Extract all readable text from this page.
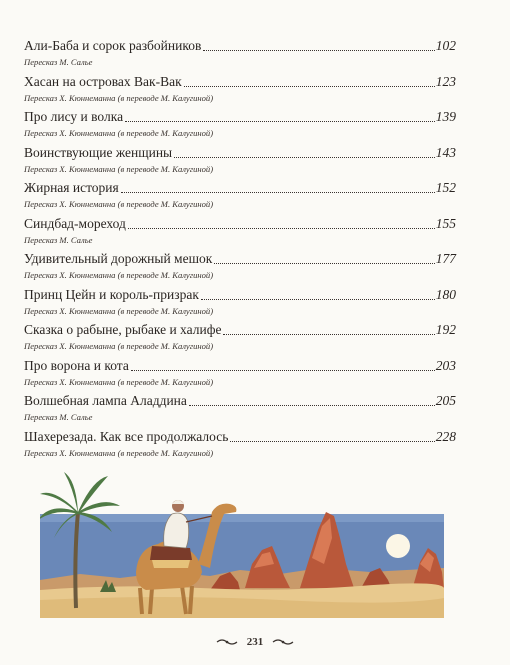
Али-Баба и сорок разбойников	102
Пересказ М. Салье
Хасан на островах Вак-Вак	123
Пересказ Х. Кюннеманна (в переводе М. Калугиной)
Про лису и волка	139
Пересказ Х. Кюннеманна (в переводе М. Калугиной)
Воинствующие женщины	143
Пересказ Х. Кюннеманна (в переводе М. Калугиной)
Жирная история	152
Пересказ Х. Кюннеманна (в переводе М. Калугиной)
Синдбад-мореход	155
Пересказ М. Салье
Удивительный дорожный мешок	177
Пересказ Х. Кюннеманна (в переводе М. Калугиной)
Принц Цейн и король-призрак	180
Пересказ Х. Кюннеманна (в переводе М. Калугиной)
Сказка о рабыне, рыбаке и халифе	192
Пересказ Х. Кюннеманна (в переводе М. Калугиной)
Про ворона и кота	203
Пересказ Х. Кюннеманна (в переводе М. Калугиной)
Волшебная лампа Аладдина	205
Пересказ М. Салье
Шахерезада. Как все продолжалось	228
Пересказ Х. Кюннеманна (в переводе М. Калугиной)
231
